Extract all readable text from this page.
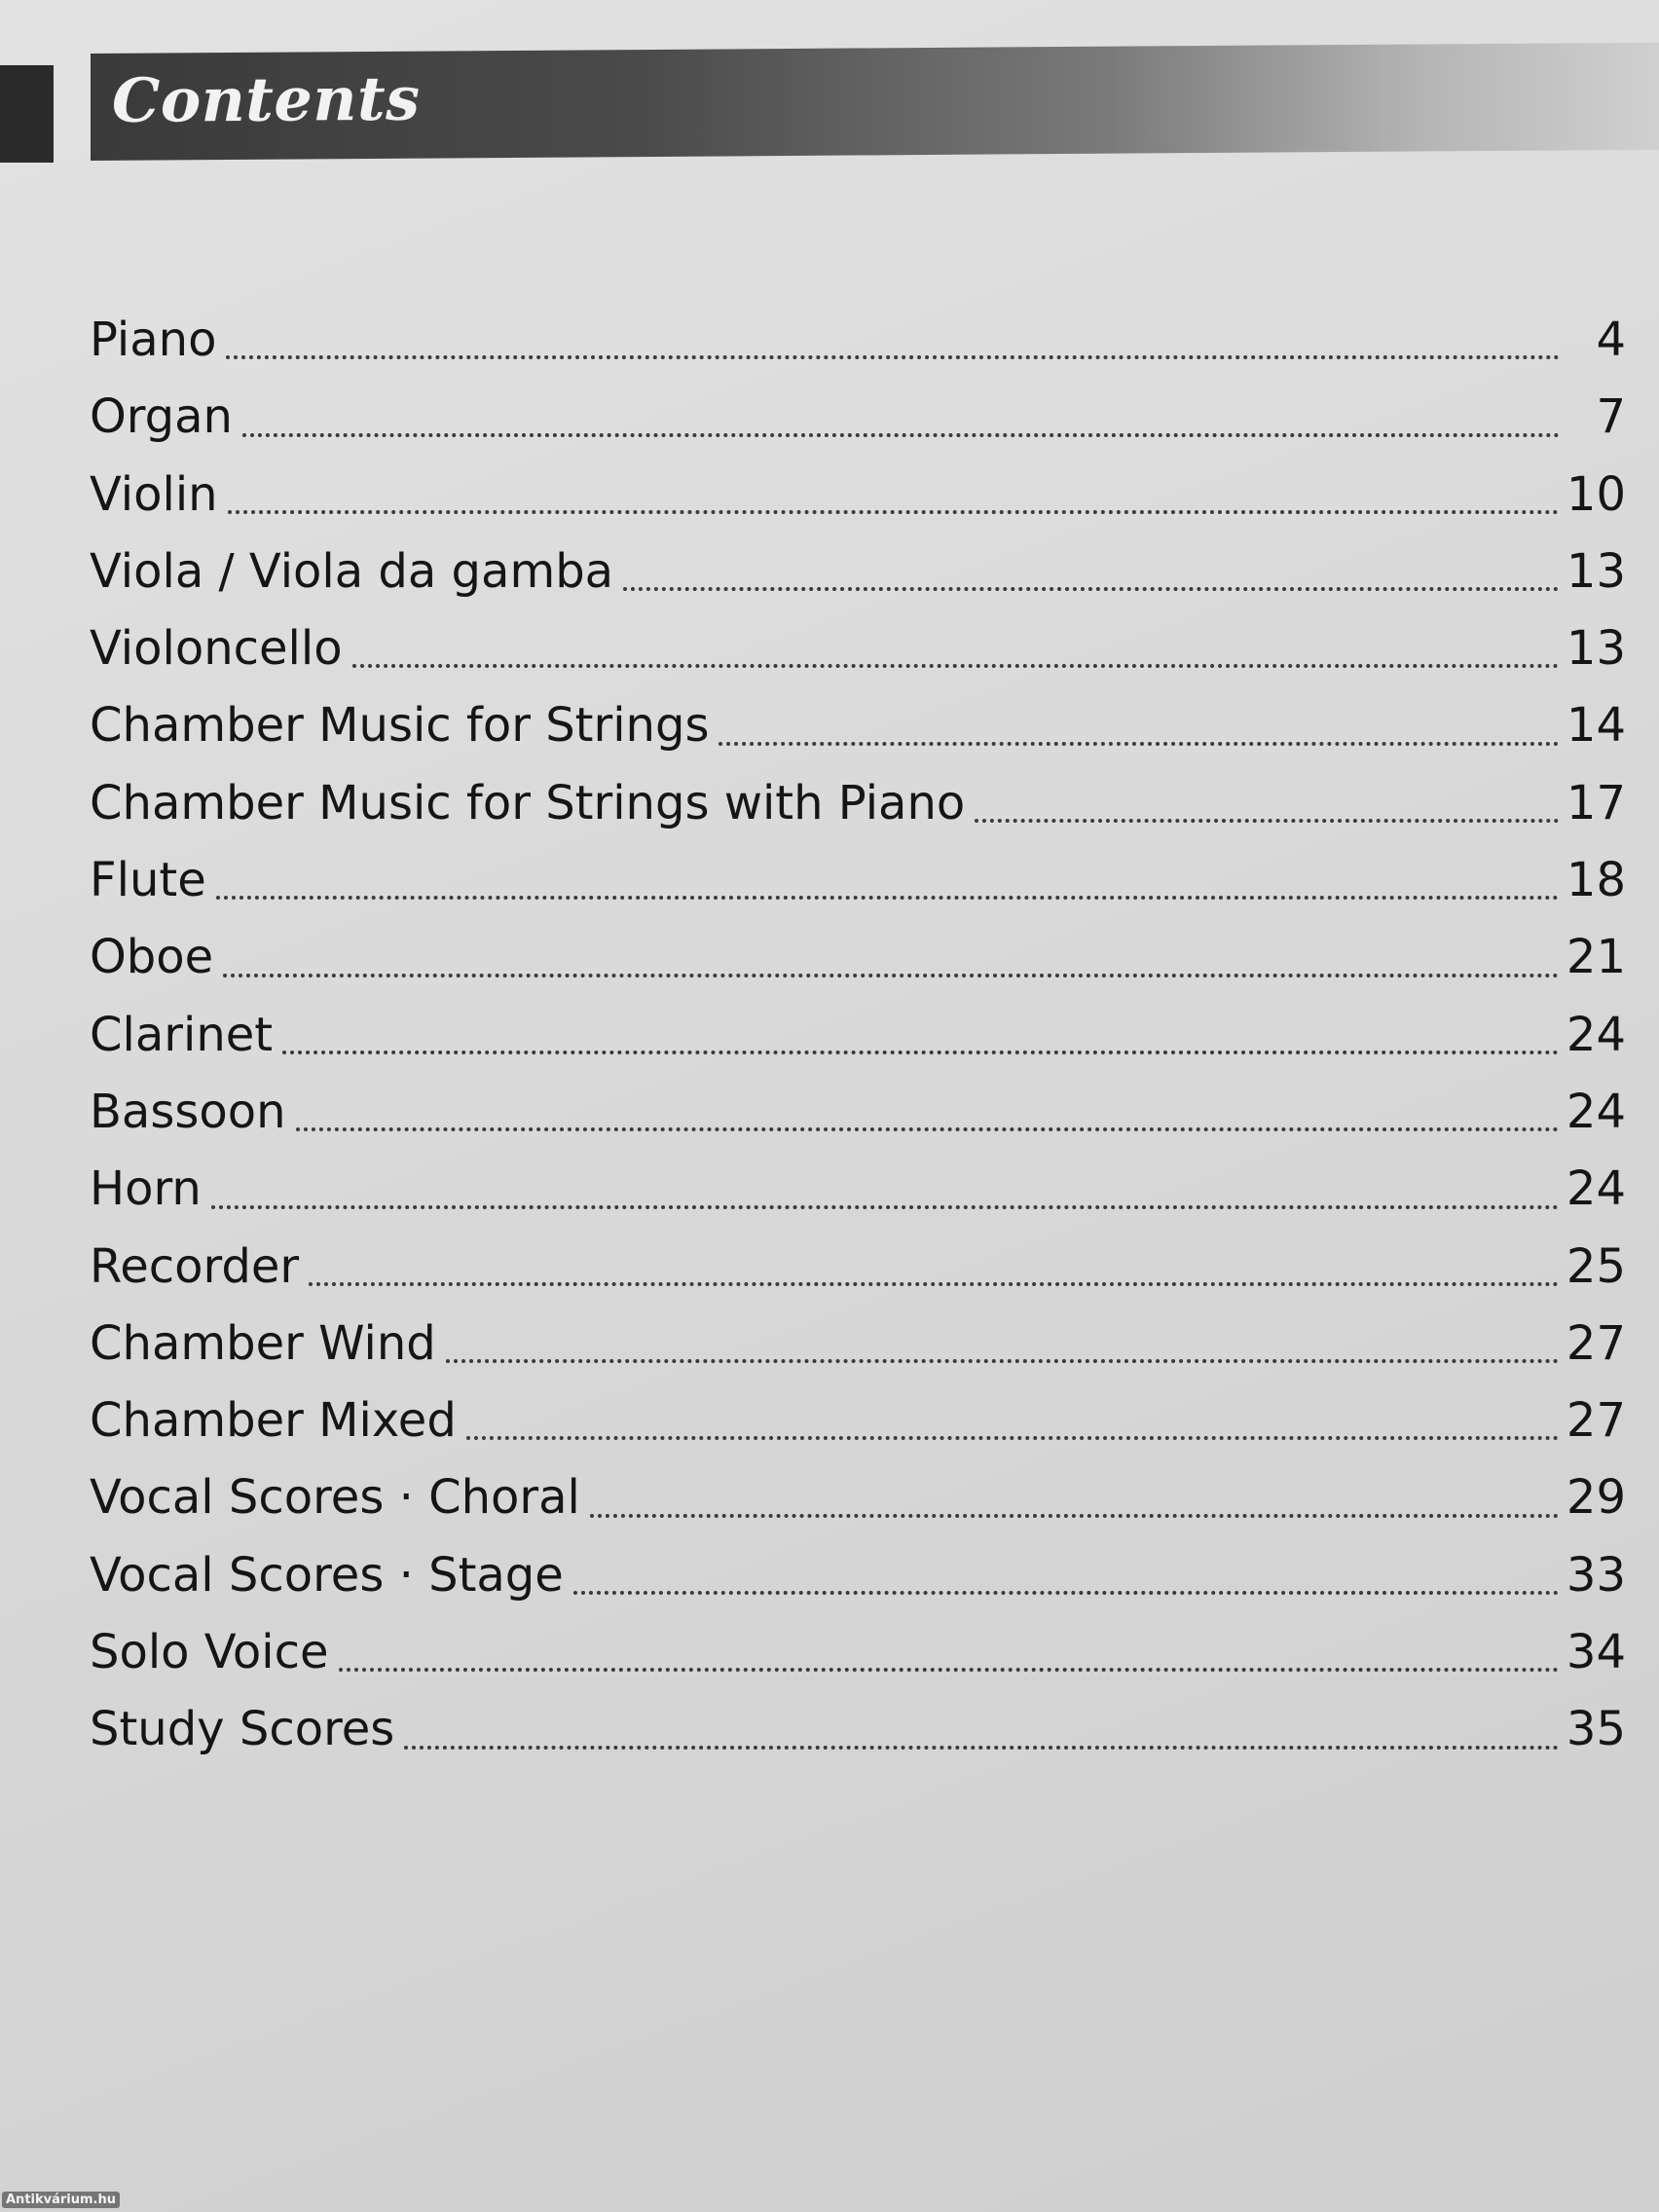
Contents
Piano	4
Organ	7
Violin	10
Viola / Viola da gamba	13
Violoncello	13
Chamber Music for Strings	14
Chamber Music for Strings with Piano	17
Flute	18
Oboe	21
Clarinet	24
Bassoon	24
Horn	24
Recorder	25
Chamber Wind	27
Chamber Mixed	27
Vocal Scores · Choral	29
Vocal Scores · Stage	33
Solo Voice	34
Study Scores	35
Antikvárium.hu
